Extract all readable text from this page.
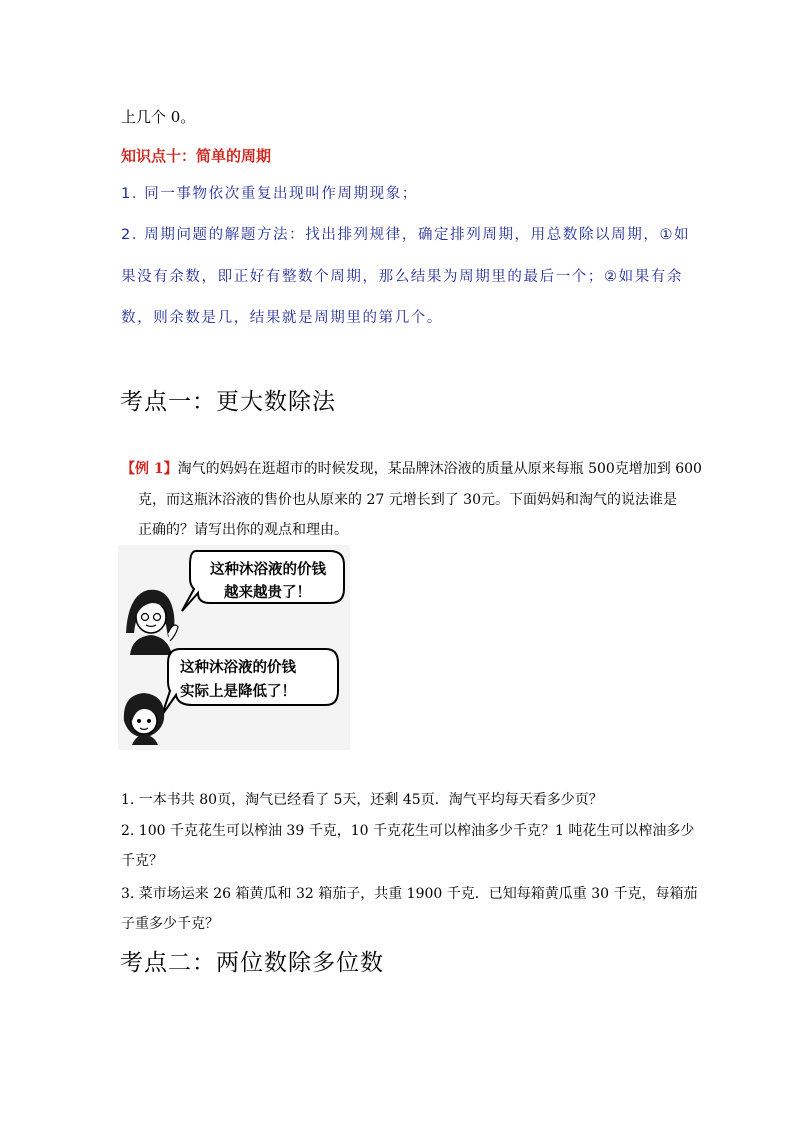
上几个 0。
知识点十：简单的周期
1. 同一事物依次重复出现叫作周期现象；
2. 周期问题的解题方法：找出排列规律，确定排列周期，用总数除以周期，①如
果没有余数，即正好有整数个周期，那么结果为周期里的最后一个；②如果有余
数，则余数是几，结果就是周期里的第几个。
考点一：更大数除法
【例 1】淘气的妈妈在逛超市的时候发现，某品牌沐浴液的质量从原来每瓶 500克增加到 600
克，而这瓶沐浴液的售价也从原来的 27 元增长到了 30元。下面妈妈和淘气的说法谁是
正确的？请写出你的观点和理由。
这种沐浴液的价钱
越来越贵了！
这种沐浴液的价钱
实际上是降低了！
1. 一本书共 80页，淘气已经看了 5天，还剩 45页．淘气平均每天看多少页？
2. 100 千克花生可以榨油 39 千克，10 千克花生可以榨油多少千克？1 吨花生可以榨油多少
千克？
3. 菜市场运来 26 箱黄瓜和 32 箱茄子，共重 1900 千克．已知每箱黄瓜重 30 千克，每箱茄
子重多少千克？
考点二：两位数除多位数
